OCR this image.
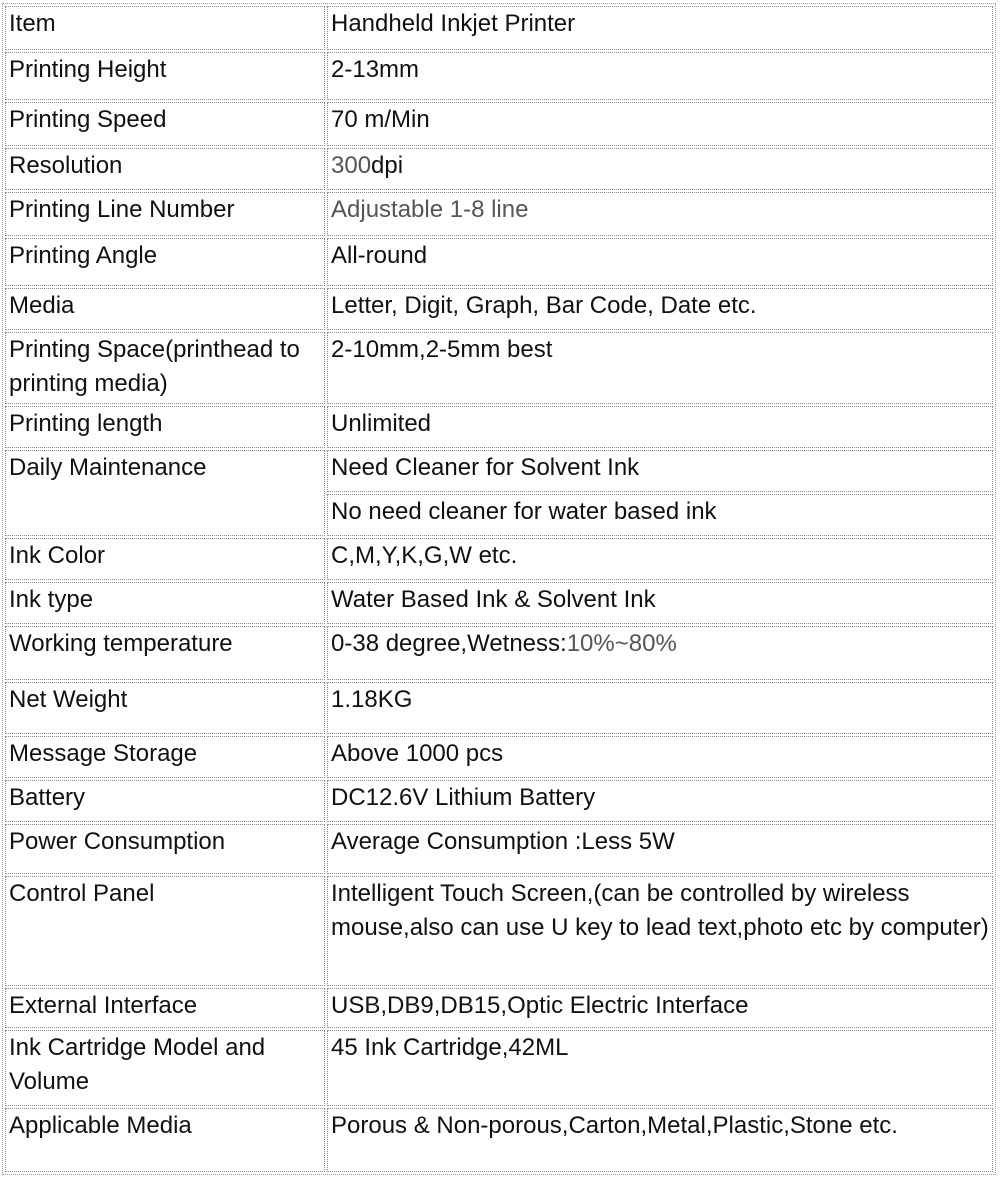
Item	Handheld Inkjet Printer
Printing Height	2-13mm
Printing Speed	70 m/Min
Resolution	300dpi
Printing Line Number	Adjustable 1-8 line
Printing Angle	All-round
Media	Letter, Digit, Graph, Bar Code, Date etc.
Printing Space(printhead to printing media)	2-10mm,2-5mm best
Printing length	Unlimited
Daily Maintenance	Need Cleaner for Solvent Ink
	No need cleaner for water based ink
Ink Color	C,M,Y,K,G,W etc.
Ink type	Water Based Ink & Solvent Ink
Working temperature	0-38 degree,Wetness:10%~80%
Net Weight	1.18KG
Message Storage	Above 1000 pcs
Battery	DC12.6V Lithium Battery
Power Consumption	Average Consumption :Less 5W
Control Panel	Intelligent Touch Screen,(can be controlled by wireless mouse,also can use U key to lead text,photo etc by computer)
External Interface	USB,DB9,DB15,Optic Electric Interface
Ink Cartridge Model and Volume	45 Ink Cartridge,42ML
Applicable Media	Porous & Non-porous,Carton,Metal,Plastic,Stone etc.
